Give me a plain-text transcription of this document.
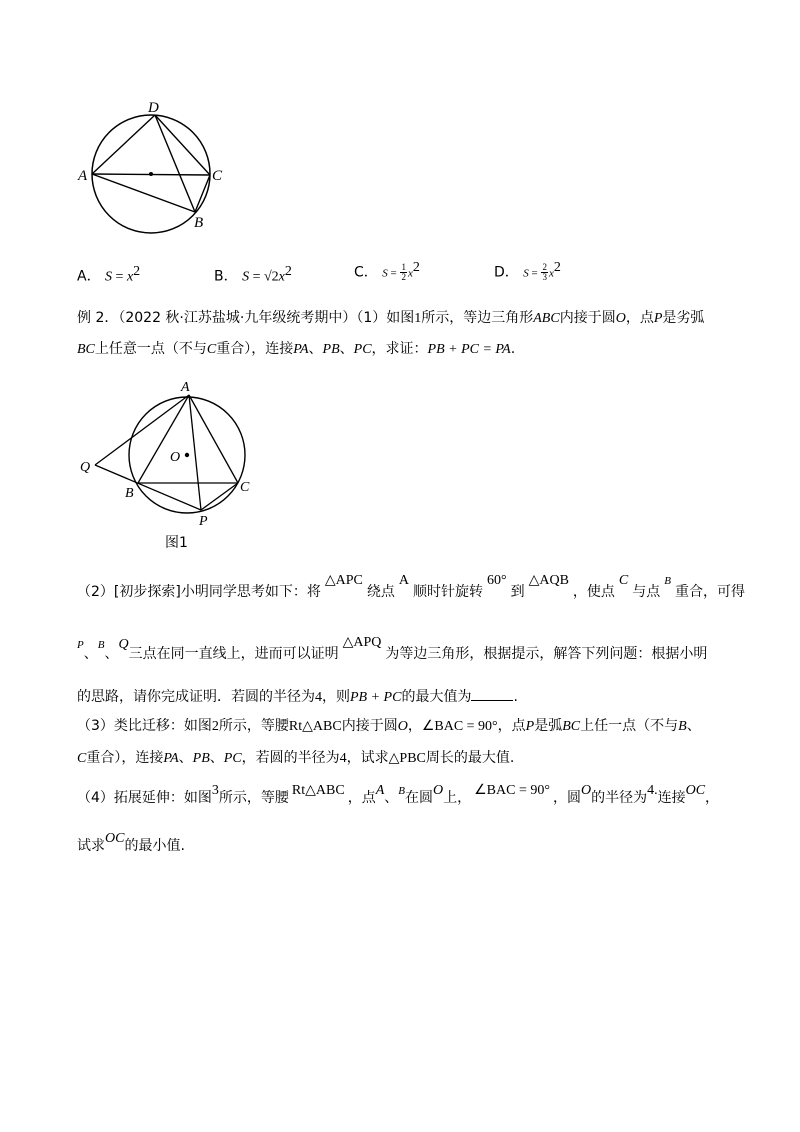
D
A	C
B
A． $S = x^2$	B． $S = √2x^2$	C． $S = \frac{1}{2} x^2$	D． $S = \frac{2}{3} x^2$
例 2．（2022 秋·江苏盐城·九年级统考期中）（1）如图1所示，等边三角形ABC内接于圆O，点P是劣弧
BC上任意一点（不与C重合），连接PA、PB、PC，求证：PB + PC = PA.
A
O
Q
B	C
P
图1
（2）[初步探索]小明同学思考如下：将△APC绕点A顺时针旋转60°到△AQB，使点C与点$^B$重合，可得
$^P$、$^B$、Q三点在同一直线上，进而可以证明△APQ为等边三角形，根据提示，解答下列问题：根据小明
的思路，请你完成证明．若圆的半径为4，则PB + PC的最大值为	.
（3）类比迁移：如图2所示，等腰Rt△ABC内接于圆O，∠BAC = 90°，点P是弧BC上任一点（不与B、
C重合），连接PA、PB、PC，若圆的半径为4，试求△PBC周长的最大值.
（4）拓展延伸：如图3所示，等腰 Rt△ABC ，点A、$^B$在圆O上， ∠BAC = 90° ，圆O的半径为4.连接OC，
试求OC的最小值.
